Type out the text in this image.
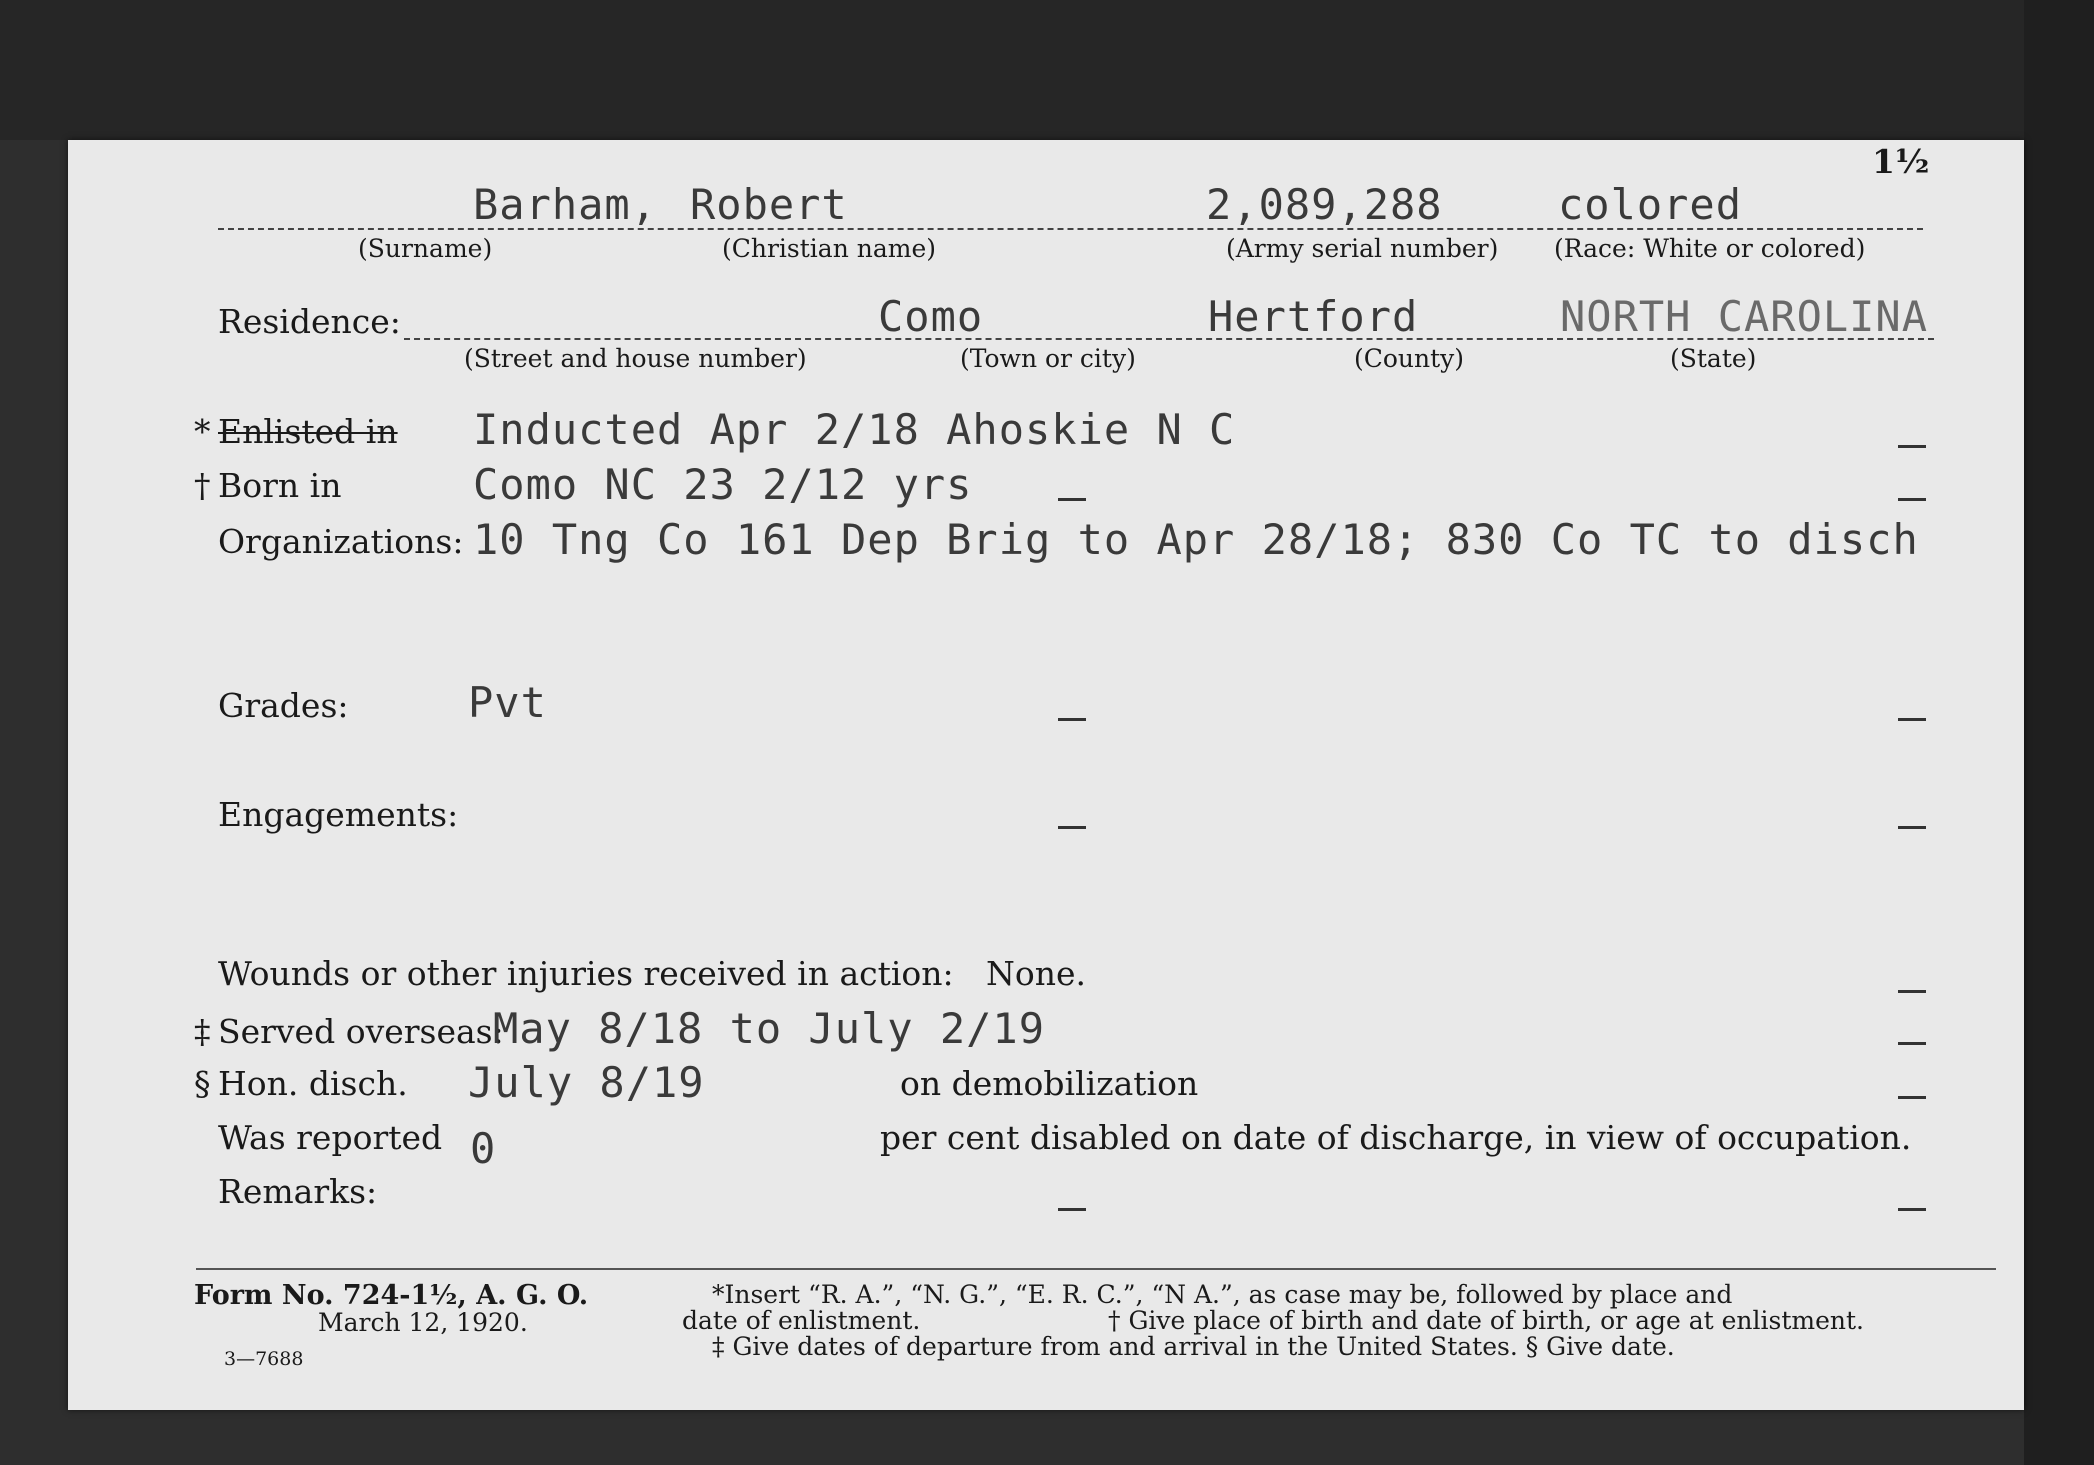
1½
Barham, Robert	2,089,288	colored
(Surname)	(Christian name)	(Army serial number) (Race: White or colored)
Residence:	Como	Hertford	NORTH CAROLINA
(Street and house number)	(Town or city)	(County)	(State)
* Enlisted in Inducted Apr 2/18 Ahoskie N C
† Born in	Como NC 23 2/12 yrs
Organizations: 10 Tng Co 161 Dep Brig to Apr 28/18; 830 Co TC to disch
Grades:	Pvt
Engagements:
Wounds or other injuries received in action: None.
‡ Served overseas:
May 8/18 to July 2/19
§ Hon. disch. July 8/19	on demobilization
Was reported 0	per cent disabled on date of discharge, in view of occupation.
Remarks:
Form No. 724-1½, A. G. O.
March 12, 1920.
3—7688
*Insert “R. A.”, “N. G.”, “E. R. C.”, “N A.”, as case may be, followed by place and
date of enlistment.	† Give place of birth and date of birth, or age at enlistment.
‡ Give dates of departure from and arrival in the United States. § Give date.
